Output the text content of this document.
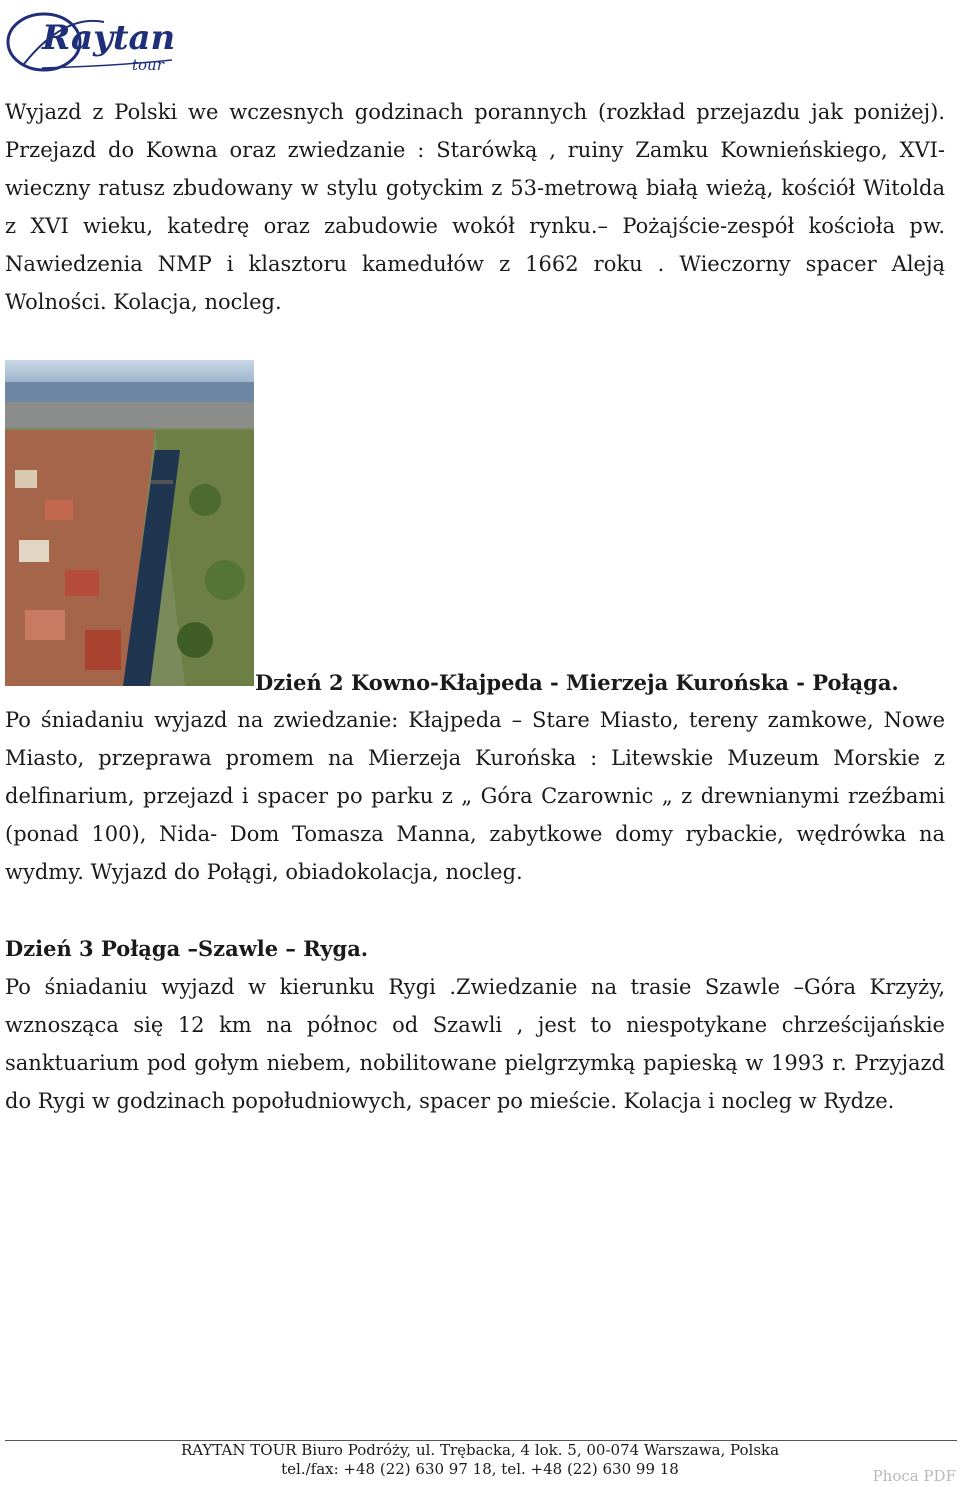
Raytan
tour

Wyjazd z Polski we wczesnych godzinach porannych (rozkład przejazdu jak poniżej). Przejazd do Kowna oraz zwiedzanie : Starówką , ruiny Zamku Kownieńskiego, XVI-wieczny ratusz zbudowany w stylu gotyckim z 53-metrową białą wieżą, kościół Witolda z XVI wieku, katedrę oraz zabudowie wokół rynku.– Pożajście-zespół kościoła pw. Nawiedzenia NMP i klasztoru kamedułów z 1662 roku . Wieczorny spacer Aleją Wolności. Kolacja, nocleg.

Dzień 2 Kowno-Kłajpeda - Mierzeja Kurońska - Połąga.

Po śniadaniu wyjazd na zwiedzanie: Kłajpeda – Stare Miasto, tereny zamkowe, Nowe Miasto, przeprawa promem na Mierzeja Kurońska : Litewskie Muzeum Morskie z delfinarium, przejazd i spacer po parku z „ Góra Czarownic „ z drewnianymi rzeźbami (ponad 100), Nida- Dom Tomasza Manna, zabytkowe domy rybackie, wędrówka na wydmy. Wyjazd do Połągi, obiadokolacja, nocleg.

Dzień 3 Połąga –Szawle – Ryga.

Po śniadaniu wyjazd w kierunku Rygi .Zwiedzanie na trasie Szawle –Góra Krzyży, wznosząca się 12 km na północ od Szawli , jest to niespotykane chrześcijańskie sanktuarium pod gołym niebem, nobilitowane pielgrzymką papieską w 1993 r. Przyjazd do Rygi w godzinach popołudniowych, spacer po mieście. Kolacja i nocleg w Rydze.

RAYTAN TOUR Biuro Podróży, ul. Trębacka, 4 lok. 5, 00-074 Warszawa, Polska
tel./fax: +48 (22) 630 97 18, tel. +48 (22) 630 99 18	Phoca PDF
